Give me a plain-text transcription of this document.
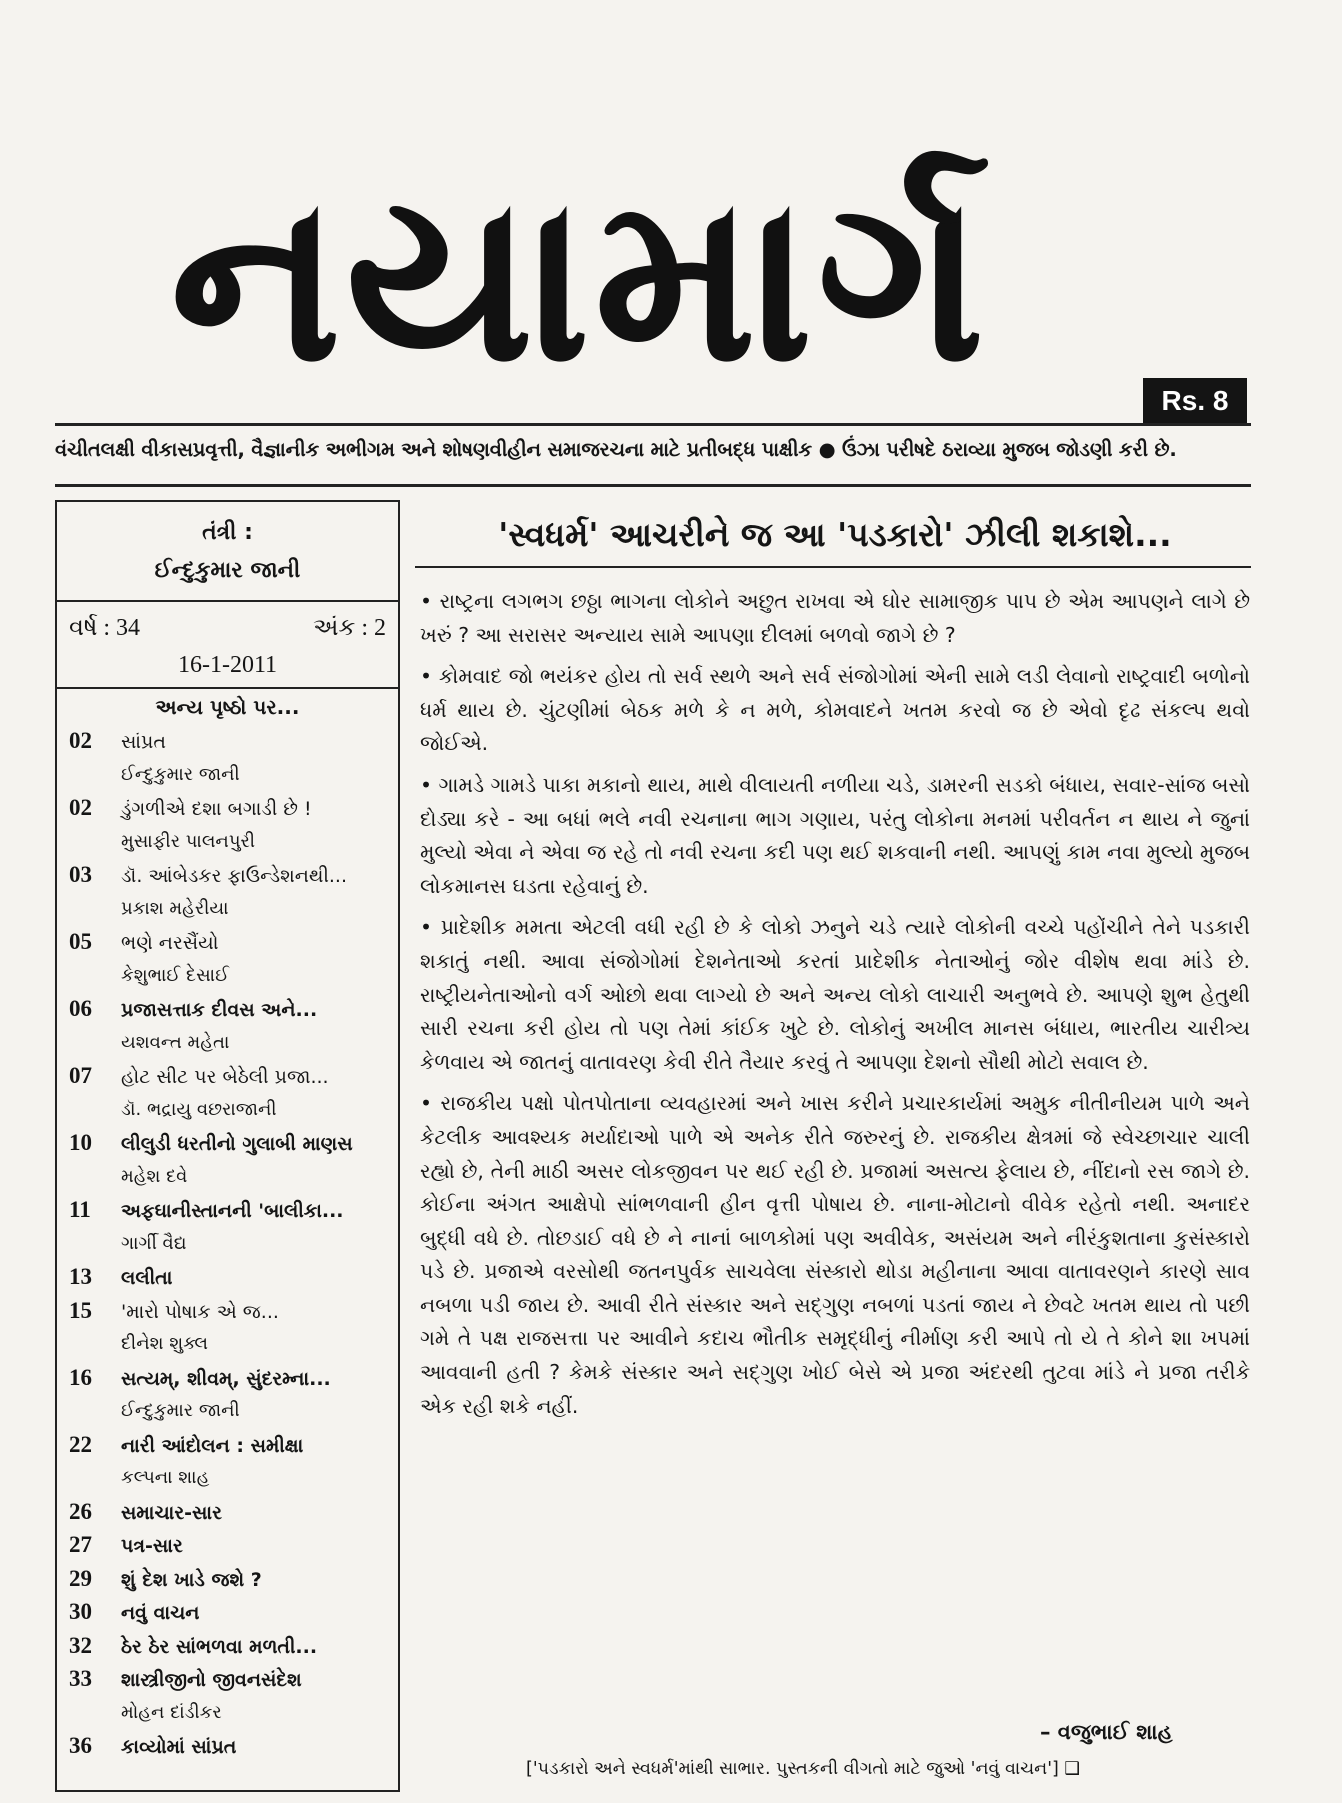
નયામાર્ગ	Rs. 8
વંચીતલક્ષી વીકાસપ્રવૃત્તી, વૈજ્ઞાનીક અભીગમ અને શોષણવીહીન સમાજરચના માટે પ્રતીબદ્ધ પાક્ષીક ● ઉંઝા પરીષદે ઠરાવ્યા મુજબ જોડણી કરી છે.
તંત્રી :
ઈન્દુકુમાર જાની
વર્ષ : 34	અંક : 2
16-1-2011
અન્ય પૃષ્ઠો પર...
02 સાંપ્રત
ઈન્દુકુમાર જાની
02 ડુંગળીએ દશા બગાડી છે !
મુસાફીર પાલનપુરી
03 ડૉ. આંબેડકર ફાઉન્ડેશનથી...
પ્રકાશ મહેરીયા
05 ભણે નરસૈંયો
કેશુભાઈ દેસાઈ
06 પ્રજાસત્તાક દીવસ અને...
યશવન્ત મહેતા
07 હોટ સીટ પર બેઠેલી પ્રજા...
ડૉ. ભદ્રાયુ વછરાજાની
10 લીલુડી ધરતીનો ગુલાબી માણસ
મહેશ દવે
11 અફઘાનીસ્તાનની 'બાલીકા...
ગાર્ગી વૈદ્ય
13 લલીતા
15 'મારો પોષાક એ જ...
દીનેશ શુક્લ
16 સત્યમ્, શીવમ્, સુંદરમ્ના...
ઈન્દુકુમાર જાની
22 નારી આંદોલન : સમીક્ષા
કલ્પના શાહ
26 સમાચાર-સાર
27 પત્ર-સાર
29 શું દેશ ખાડે જશે ?
30 નવું વાચન
32 ઠેર ઠેર સાંભળવા મળતી...
33 શાસ્ત્રીજીનો જીવનસંદેશ
મોહન દાંડીકર
36 કાવ્યોમાં સાંપ્રત
'સ્વધર્મ' આચરીને જ આ 'પડકારો' ઝીલી શકાશે...

• રાષ્ટ્રના લગભગ છઠ્ઠા ભાગના લોકોને અછુત રાખવા એ ઘોર સામાજીક પાપ છે એમ આપણને લાગે છે ખરું ? આ સરાસર અન્યાય સામે આપણા દીલમાં બળવો જાગે છે ?

• કોમવાદ જો ભયંકર હોય તો સર્વ સ્થળે અને સર્વ સંજોગોમાં એની સામે લડી લેવાનો રાષ્ટ્રવાદી બળોનો ધર્મ થાય છે. ચુંટણીમાં બેઠક મળે કે ન મળે, કોમવાદને ખતમ કરવો જ છે એવો દૃઢ સંકલ્પ થવો જોઈએ.

• ગામડે ગામડે પાકા મકાનો થાય, માથે વીલાયતી નળીયા ચડે, ડામરની સડકો બંધાય, સવાર-સાંજ બસો દોડ્યા કરે - આ બધાં ભલે નવી રચનાના ભાગ ગણાય, પરંતુ લોકોના મનમાં પરીવર્તન ન થાય ને જુનાં મુલ્યો એવા ને એવા જ રહે તો નવી રચના કદી પણ થઈ શકવાની નથી. આપણું કામ નવા મુલ્યો મુજબ લોકમાનસ ઘડતા રહેવાનું છે.

• પ્રાદેશીક મમતા એટલી વધી રહી છે કે લોકો ઝનુને ચડે ત્યારે લોકોની વચ્ચે પહોંચીને તેને પડકારી શકાતું નથી. આવા સંજોગોમાં દેશનેતાઓ કરતાં પ્રાદેશીક નેતાઓનું જોર વીશેષ થવા માંડે છે. રાષ્ટ્રીયનેતાઓનો વર્ગ ઓછો થવા લાગ્યો છે અને અન્ય લોકો લાચારી અનુભવે છે. આપણે શુભ હેતુથી સારી રચના કરી હોય તો પણ તેમાં કાંઈક ખુટે છે. લોકોનું અખીલ માનસ બંધાય, ભારતીય ચારીત્ર્ય કેળવાય એ જાતનું વાતાવરણ કેવી રીતે તૈયાર કરવું તે આપણા દેશનો સૌથી મોટો સવાલ છે.

• રાજકીય પક્ષો પોતપોતાના વ્યવહારમાં અને ખાસ કરીને પ્રચારકાર્યમાં અમુક નીતીનીયમ પાળે અને કેટલીક આવશ્યક મર્યાદાઓ પાળે એ અનેક રીતે જરુરનું છે. રાજકીય ક્ષેત્રમાં જે સ્વેચ્છાચાર ચાલી રહ્યો છે, તેની માઠી અસર લોકજીવન પર થઈ રહી છે. પ્રજામાં અસત્ય ફેલાય છે, નીંદાનો રસ જાગે છે. કોઈના અંગત આક્ષેપો સાંભળવાની હીન વૃત્તી પોષાય છે. નાના-મોટાનો વીવેક રહેતો નથી. અનાદર બુદ્ધી વધે છે. તોછડાઈ વધે છે ને નાનાં બાળકોમાં પણ અવીવેક, અસંયમ અને નીરંકુશતાના કુસંસ્કારો પડે છે. પ્રજાએ વરસોથી જતનપુર્વક સાચવેલા સંસ્કારો થોડા મહીનાના આવા વાતાવરણને કારણે સાવ નબળા પડી જાય છે. આવી રીતે સંસ્કાર અને સદ્ગુણ નબળાં પડતાં જાય ને છેવટે ખતમ થાય તો પછી ગમે તે પક્ષ રાજસત્તા પર આવીને કદાચ ભૌતીક સમૃદ્ધીનું નીર્માણ કરી આપે તો યે તે કોને શા ખપમાં આવવાની હતી ? કેમકે સંસ્કાર અને સદ્ગુણ ખોઈ બેસે એ પ્રજા અંદરથી તુટવા માંડે ને પ્રજા તરીકે એક રહી શકે નહીં.

– વજુભાઈ શાહ
['પડકારો અને સ્વધર્મ'માંથી સાભાર. પુસ્તકની વીગતો માટે જુઓ 'નવું વાચન'] ❑
